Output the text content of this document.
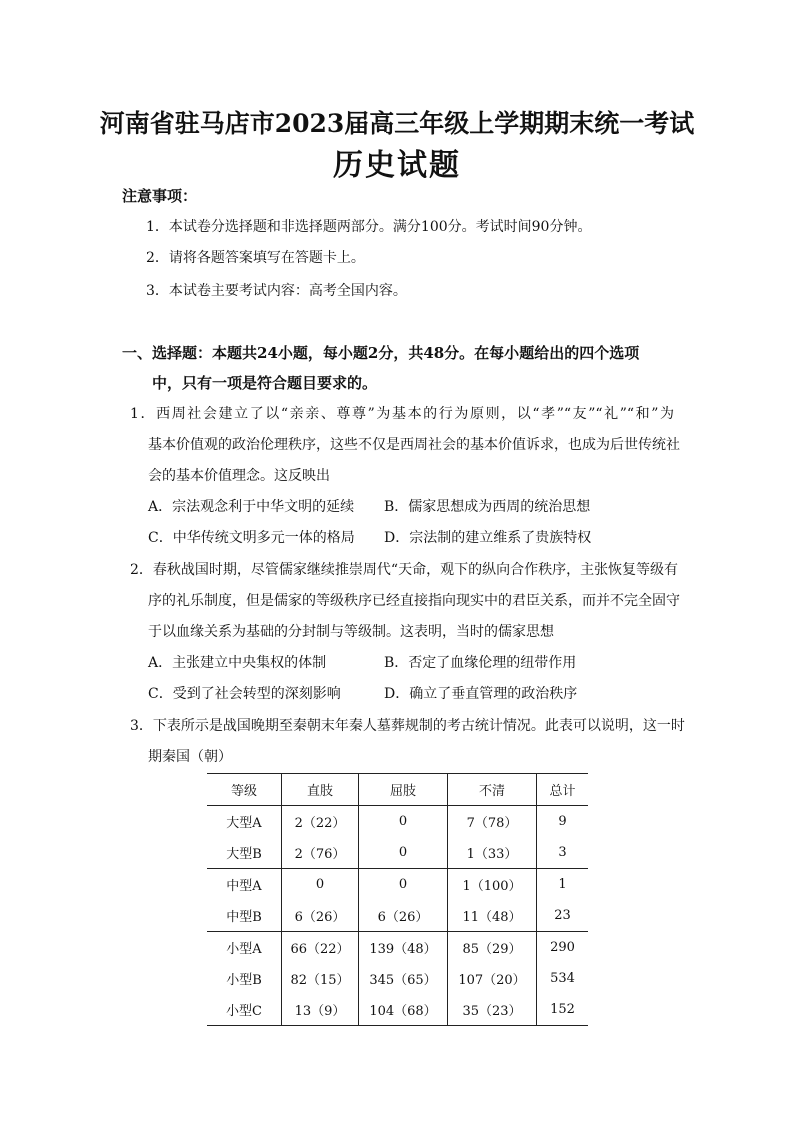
河南省驻马店市2023届高三年级上学期期末统一考试
历史试题
注意事项：
1．本试卷分选择题和非选择题两部分。满分100分。考试时间90分钟。
2．请将各题答案填写在答题卡上。
3．本试卷主要考试内容：高考全国内容。
一、选择题：本题共24小题，每小题2分，共48分。在每小题给出的四个选项
中，只有一项是符合题目要求的。
1．西周社会建立了以“亲亲、尊尊”为基本的行为原则，以“孝”“友”“礼”“和”为
基本价值观的政治伦理秩序，这些不仅是西周社会的基本价值诉求，也成为后世传统社
会的基本价值理念。这反映出
A．宗法观念利于中华文明的延续 B．儒家思想成为西周的统治思想
C．中华传统文明多元一体的格局 D．宗法制的建立维系了贵族特权
2．春秋战国时期，尽管儒家继续推崇周代“天命，观下的纵向合作秩序，主张恢复等级有
序的礼乐制度，但是儒家的等级秩序已经直接指向现实中的君臣关系，而并不完全固守
于以血缘关系为基础的分封制与等级制。这表明，当时的儒家思想
A．主张建立中央集权的体制	B．否定了血缘伦理的纽带作用
C．受到了社会转型的深刻影响	D．确立了垂直管理的政治秩序
3．下表所示是战国晚期至秦朝末年秦人墓葬规制的考古统计情况。此表可以说明，这一时
期秦国（朝）
等级	直肢	屈肢	不清	总计
大型A	2（22）	0	7（78）	9
大型B	2（76）	0	1（33）	3
中型A	0	0	1（100）	1
中型B	6（26）	6（26）	11（48）	23
小型A	66（22）	139（48）	85（29）	290
小型B	82（15）	345（65）	107（20）	534
小型C	13（9）	104（68）	35（23）	152
